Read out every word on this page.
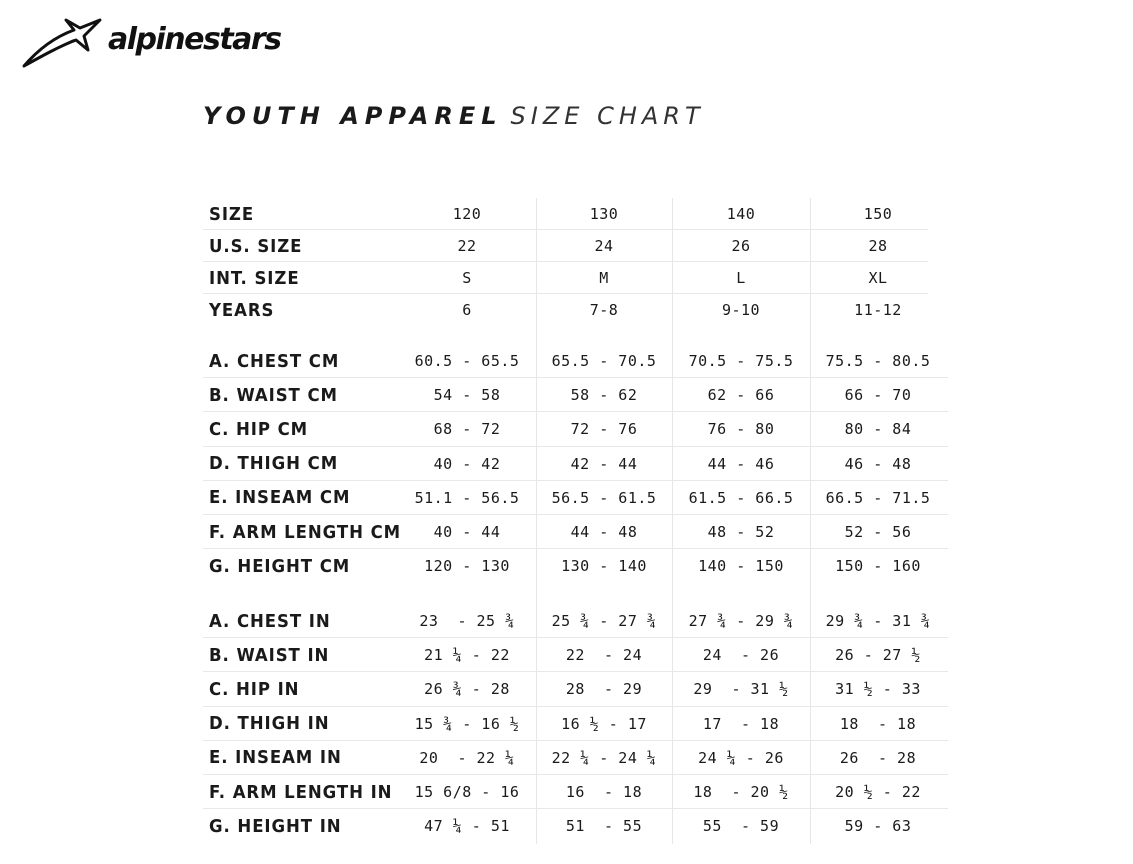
alpinestars
YOUTH APPAREL SIZE CHART
SIZE	120	130	140	150
U.S. SIZE	22	24	26	28
INT. SIZE	S	M	L	XL
YEARS	6	7-8	9-10	11-12
A. CHEST CM	60.5 - 65.5	65.5 - 70.5	70.5 - 75.5	75.5 - 80.5
B. WAIST CM	54 - 58	58 - 62	62 - 66	66 - 70
C. HIP CM	68 - 72	72 - 76	76 - 80	80 - 84
D. THIGH CM	40 - 42	42 - 44	44 - 46	46 - 48
E. INSEAM CM	51.1 - 56.5	56.5 - 61.5	61.5 - 66.5	66.5 - 71.5
F. ARM LENGTH CM	40 - 44	44 - 48	48 - 52	52 - 56
G. HEIGHT CM	120 - 130	130 - 140	140 - 150	150 - 160
A. CHEST IN	23  - 25 ¾	25 ¾ - 27 ¾	27 ¾ - 29 ¾	29 ¾ - 31 ¾
B. WAIST IN	21 ¼ - 22	22  - 24	24  - 26	26 - 27 ½
C. HIP IN	26 ¾ - 28	28  - 29	29  - 31 ½	31 ½ - 33
D. THIGH IN	15 ¾ - 16 ½	16 ½ - 17	17  - 18	18  - 18
E. INSEAM IN	20  - 22 ¼	22 ¼ - 24 ¼	24 ¼ - 26	26  - 28
F. ARM LENGTH IN	15 6/8 - 16	16  - 18	18  - 20 ½	20 ½ - 22
G. HEIGHT IN	47 ¼ - 51	51  - 55	55  - 59	59 - 63
